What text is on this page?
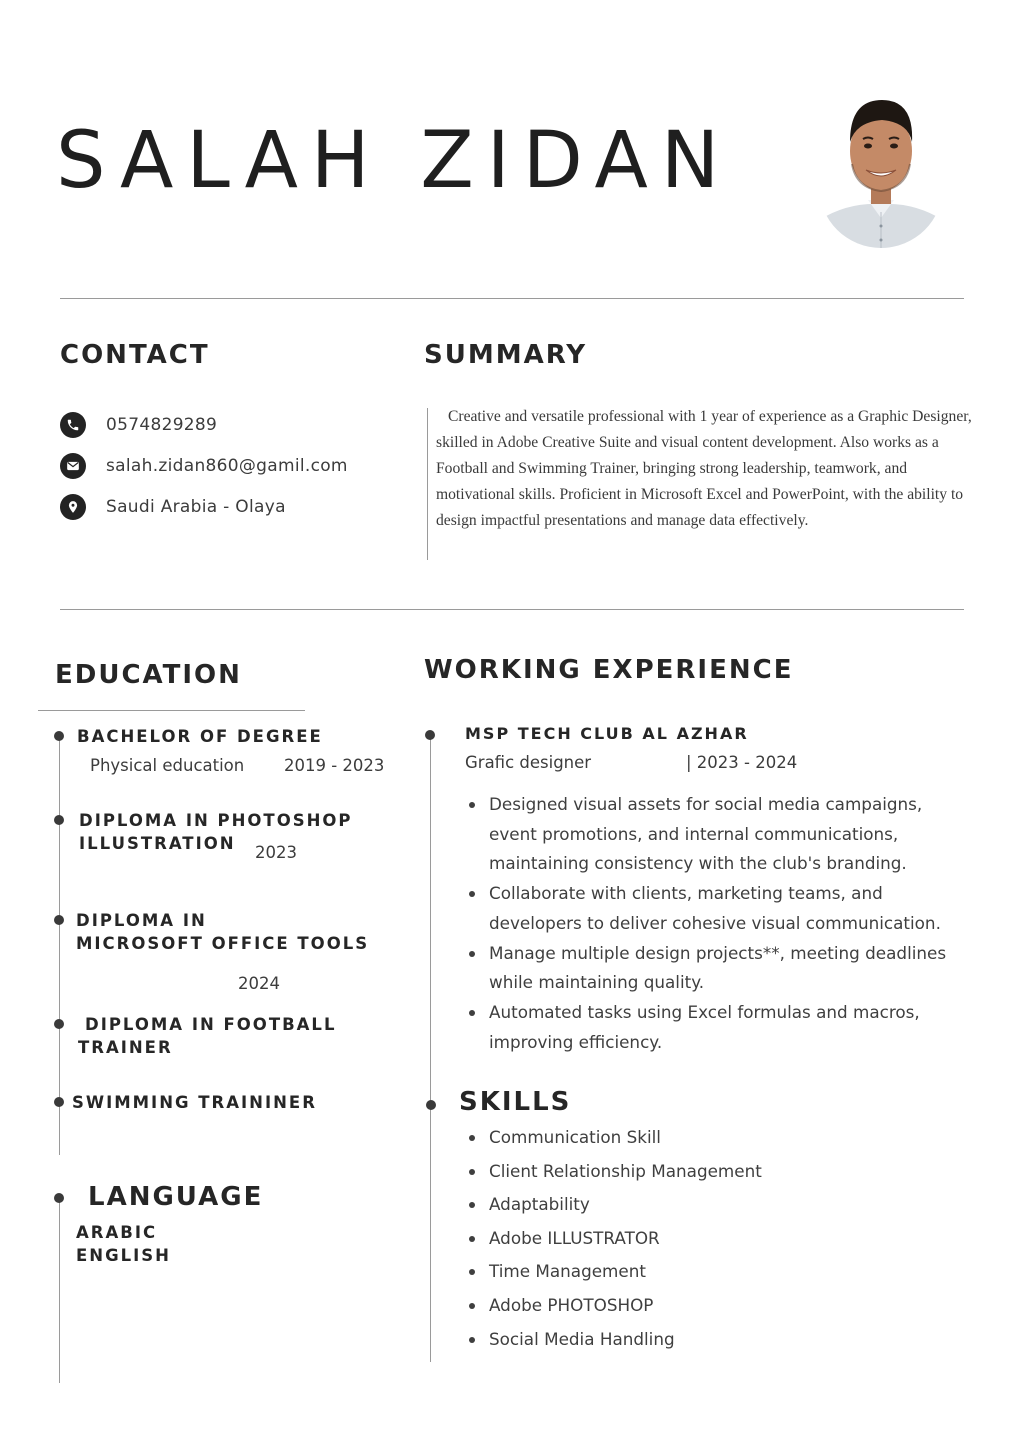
SALAH ZIDAN
CONTACT
0574829289
salah.zidan860@gamil.com
Saudi Arabia - Olaya
SUMMARY
Creative and versatile professional with 1 year of experience as a Graphic Designer, skilled in Adobe Creative Suite and visual content development. Also works as a Football and Swimming Trainer, bringing strong leadership, teamwork, and motivational skills. Proficient in Microsoft Excel and PowerPoint, with the ability to design impactful presentations and manage data effectively.
EDUCATION
BACHELOR OF DEGREE
Physical education 2019 - 2023
DIPLOMA IN PHOTOSHOP
ILLUSTRATION 2023
DIPLOMA IN
MICROSOFT OFFICE TOOLS
2024
DIPLOMA IN FOOTBALL
TRAINER
SWIMMING TRAININER
LANGUAGE
ARABIC
ENGLISH
WORKING EXPERIENCE
MSP TECH CLUB AL AZHAR
Grafic designer	| 2023 - 2024
Designed visual assets for social media campaigns, event promotions, and internal communications, maintaining consistency with the club's branding.
Collaborate with clients, marketing teams, and developers to deliver cohesive visual communication.
Manage multiple design projects**, meeting deadlines while maintaining quality.
Automated tasks using Excel formulas and macros, improving efficiency.
SKILLS
Communication Skill
Client Relationship Management
Adaptability
Adobe ILLUSTRATOR
Time Management
Adobe PHOTOSHOP
Social Media Handling
